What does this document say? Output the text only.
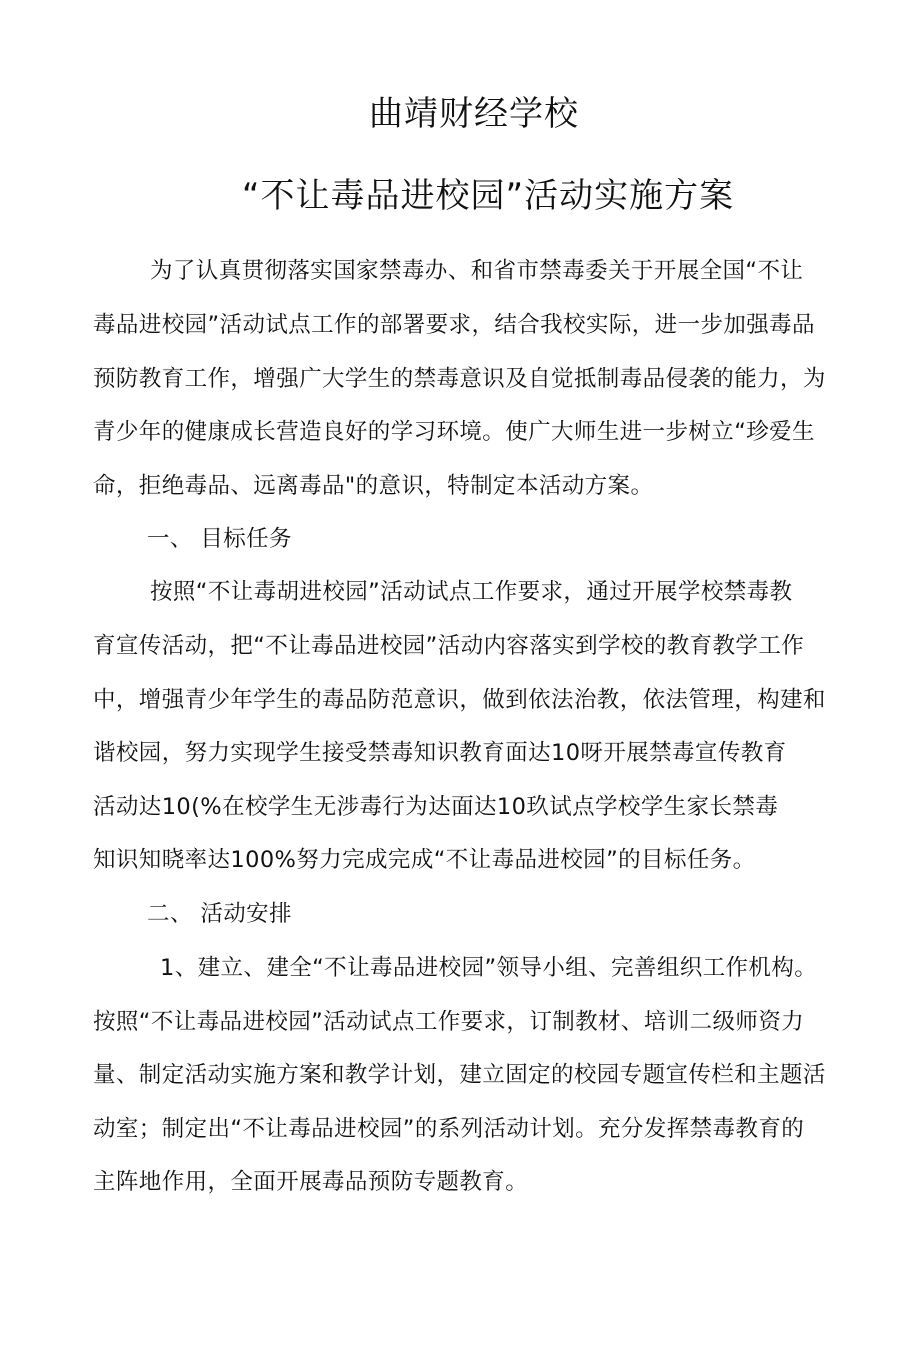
曲靖财经学校
“不让毒品进校园”活动实施方案

为了认真贯彻落实国家禁毒办、和省市禁毒委关于开展全国“不让

毒品进校园”活动试点工作的部署要求，结合我校实际，进一步加强毒品

预防教育工作，增强广大学生的禁毒意识及自觉抵制毒品侵袭的能力，为

青少年的健康成长营造良好的学习环境。使广大师生进一步树立“珍爱生

命，拒绝毒品、远离毒品"的意识，特制定本活动方案。

一、 目标任务

按照“不让毒胡进校园”活动试点工作要求，通过开展学校禁毒教

育宣传活动，把“不让毒品进校园”活动内容落实到学校的教育教学工作

中，增强青少年学生的毒品防范意识，做到依法治教，依法管理，构建和

谐校园，努力实现学生接受禁毒知识教育面达10呀开展禁毒宣传教育

活动达10(%在校学生无涉毒行为达面达10玖试点学校学生家长禁毒

知识知晓率达100%努力完成完成“不让毒品进校园”的目标任务。

二、 活动安排

1、建立、建全“不让毒品进校园”领导小组、完善组织工作机构。

按照“不让毒品进校园”活动试点工作要求，订制教材、培训二级师资力

量、制定活动实施方案和教学计划，建立固定的校园专题宣传栏和主题活

动室；制定出“不让毒品进校园”的系列活动计划。充分发挥禁毒教育的

主阵地作用，全面开展毒品预防专题教育。
